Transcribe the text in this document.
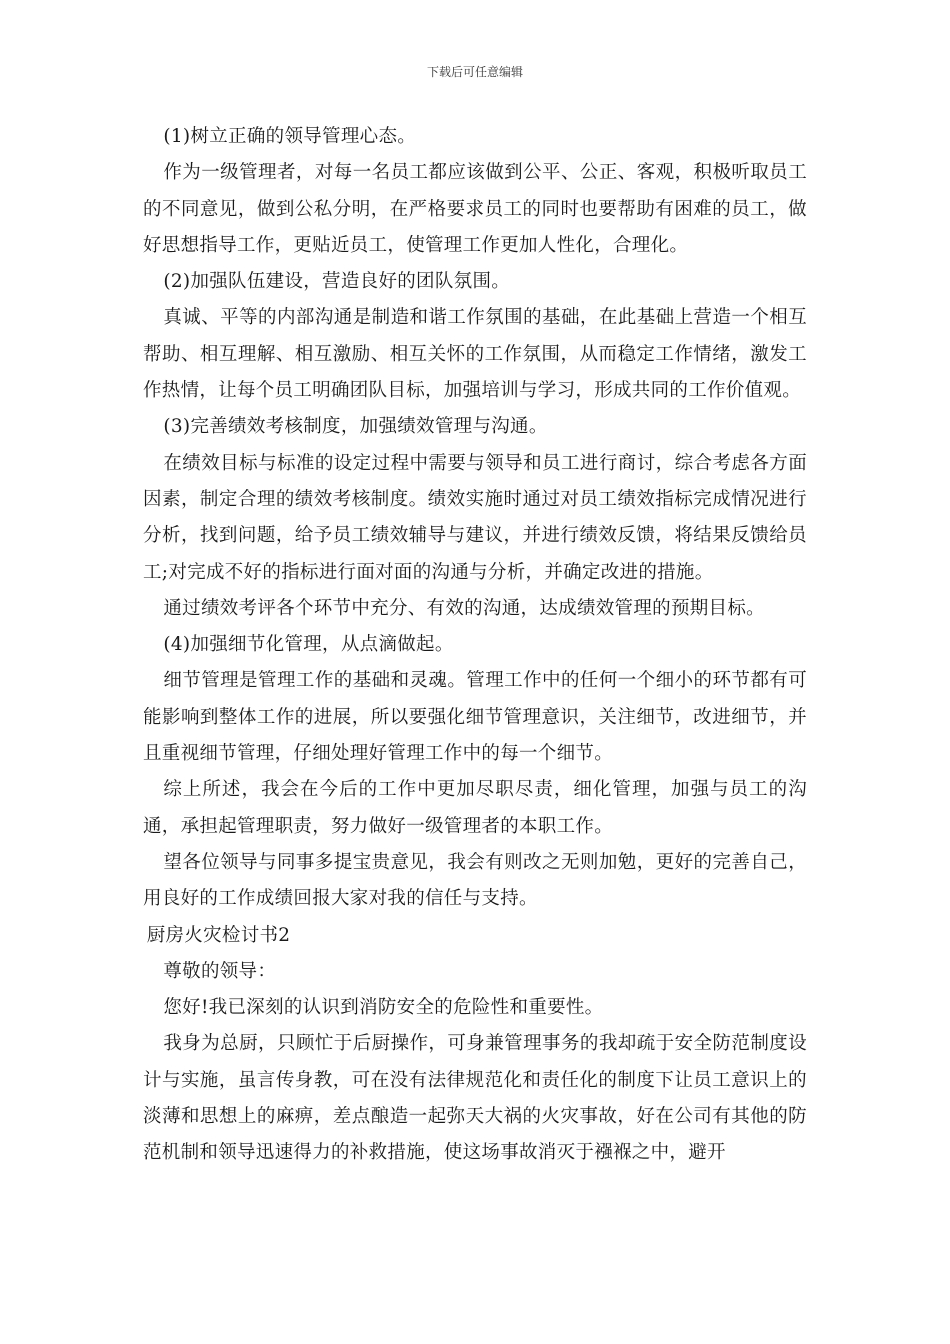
下载后可任意编辑

(1)树立正确的领导管理心态。

作为一级管理者，对每一名员工都应该做到公平、公正、客观，积极听取员工的不同意见，做到公私分明，在严格要求员工的同时也要帮助有困难的员工，做好思想指导工作，更贴近员工，使管理工作更加人性化，合理化。

(2)加强队伍建设，营造良好的团队氛围。

真诚、平等的内部沟通是制造和谐工作氛围的基础，在此基础上营造一个相互帮助、相互理解、相互激励、相互关怀的工作氛围，从而稳定工作情绪，激发工作热情，让每个员工明确团队目标，加强培训与学习，形成共同的工作价值观。

(3)完善绩效考核制度，加强绩效管理与沟通。

在绩效目标与标准的设定过程中需要与领导和员工进行商讨，综合考虑各方面因素，制定合理的绩效考核制度。绩效实施时通过对员工绩效指标完成情况进行分析，找到问题，给予员工绩效辅导与建议，并进行绩效反馈，将结果反馈给员工;对完成不好的指标进行面对面的沟通与分析，并确定改进的措施。

通过绩效考评各个环节中充分、有效的沟通，达成绩效管理的预期目标。

(4)加强细节化管理，从点滴做起。

细节管理是管理工作的基础和灵魂。管理工作中的任何一个细小的环节都有可能影响到整体工作的进展，所以要强化细节管理意识，关注细节，改进细节，并且重视细节管理，仔细处理好管理工作中的每一个细节。

综上所述，我会在今后的工作中更加尽职尽责，细化管理，加强与员工的沟通，承担起管理职责，努力做好一级管理者的本职工作。

望各位领导与同事多提宝贵意见，我会有则改之无则加勉，更好的完善自己，用良好的工作成绩回报大家对我的信任与支持。

厨房火灾检讨书2

尊敬的领导：

您好!我已深刻的认识到消防安全的危险性和重要性。

我身为总厨，只顾忙于后厨操作，可身兼管理事务的我却疏于安全防范制度设计与实施，虽言传身教，可在没有法律规范化和责任化的制度下让员工意识上的淡薄和思想上的麻痹，差点酿造一起弥天大祸的火灾事故，好在公司有其他的防范机制和领导迅速得力的补救措施，使这场事故消灭于襁褓之中，避开
